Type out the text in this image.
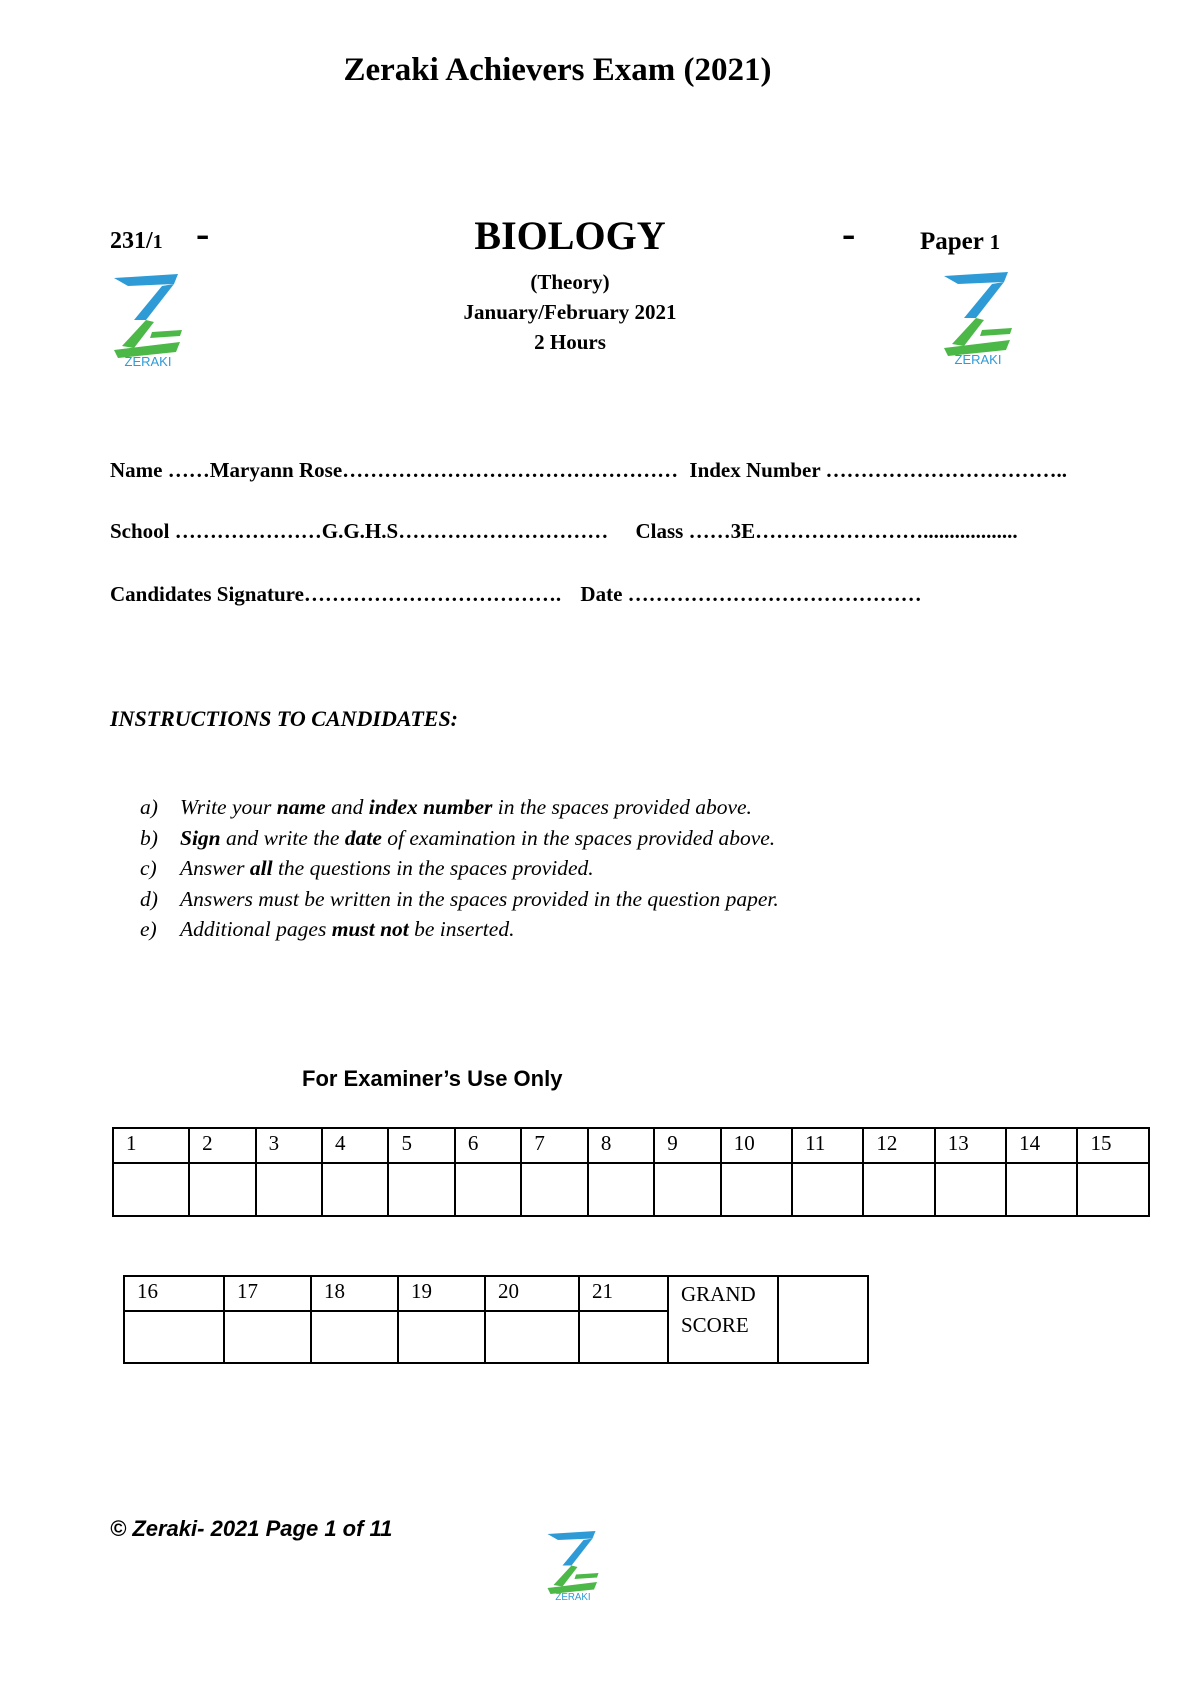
Zeraki Achievers Exam (2021)
231/1 -	BIOLOGY	-	Paper 1
(Theory)
January/February 2021
2 Hours
ZERAKI	ZERAKI
Name ……Maryann Rose………………………………………… Index Number ……………………………..
School …………………G.G.H.S………………………… Class ……3E……………………..................
Candidates Signature………………………………. Date ……………………………………
INSTRUCTIONS TO CANDIDATES:
a) Write your name and index number in the spaces provided above.
b) Sign and write the date of examination in the spaces provided above.
c) Answer all the questions in the spaces provided.
d) Answers must be written in the spaces provided in the question paper.
e) Additional pages must not be inserted.
For Examiner’s Use Only
1	2	3	4	5	6	7	8	9	10	11	12	13	14	15

16	17	18	19	20	21	GRAND
SCORE	

© Zeraki- 2021 Page 1 of 11
ZERAKI
